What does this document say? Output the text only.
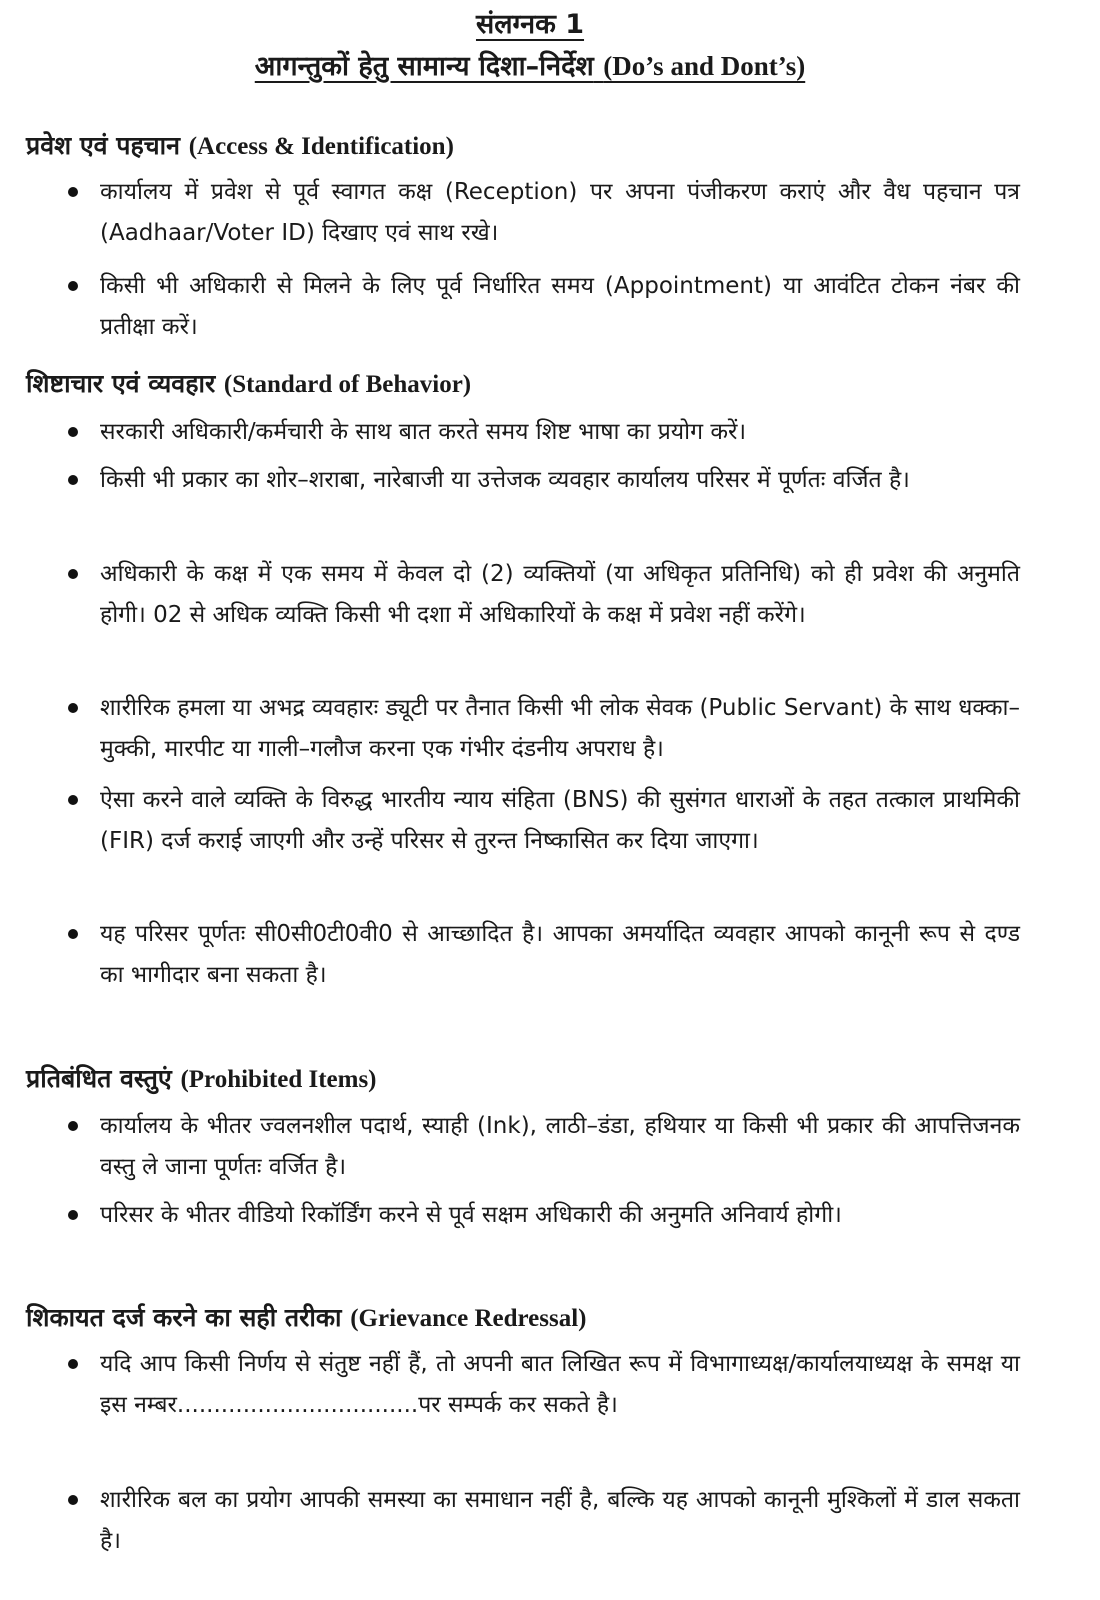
संलग्नक 1
आगन्तुकों हेतु सामान्य दिशा–निर्देश (Do’s and Dont’s)
प्रवेश एवं पहचान (Access & Identification)
कार्यालय में प्रवेश से पूर्व स्वागत कक्ष (Reception) पर अपना पंजीकरण कराएं और वैध पहचान पत्र (Aadhaar/Voter ID) दिखाए एवं साथ रखे।
किसी भी अधिकारी से मिलने के लिए पूर्व निर्धारित समय (Appointment) या आवंटित टोकन नंबर की प्रतीक्षा करें।
शिष्टाचार एवं व्यवहार (Standard of Behavior)
सरकारी अधिकारी/कर्मचारी के साथ बात करते समय शिष्ट भाषा का प्रयोग करें।
किसी भी प्रकार का शोर–शराबा, नारेबाजी या उत्तेजक व्यवहार कार्यालय परिसर में पूर्णतः वर्जित है।
अधिकारी के कक्ष में एक समय में केवल दो (2) व्यक्तियों (या अधिकृत प्रतिनिधि) को ही प्रवेश की अनुमति होगी। 02 से अधिक व्यक्ति किसी भी दशा में अधिकारियों के कक्ष में प्रवेश नहीं करेंगे।
शारीरिक हमला या अभद्र व्यवहारः ड्यूटी पर तैनात किसी भी लोक सेवक (Public Servant) के साथ धक्का–मुक्की, मारपीट या गाली–गलौज करना एक गंभीर दंडनीय अपराध है।
ऐसा करने वाले व्यक्ति के विरुद्ध भारतीय न्याय संहिता (BNS) की सुसंगत धाराओं के तहत तत्काल प्राथमिकी (FIR) दर्ज कराई जाएगी और उन्हें परिसर से तुरन्त निष्कासित कर दिया जाएगा।
यह परिसर पूर्णतः सी0सी0टी0वी0 से आच्छादित है। आपका अमर्यादित व्यवहार आपको कानूनी रूप से दण्ड का भागीदार बना सकता है।
प्रतिबंधित वस्तुएं (Prohibited Items)
कार्यालय के भीतर ज्वलनशील पदार्थ, स्याही (Ink), लाठी–डंडा, हथियार या किसी भी प्रकार की आपत्तिजनक वस्तु ले जाना पूर्णतः वर्जित है।
परिसर के भीतर वीडियो रिकॉर्डिंग करने से पूर्व सक्षम अधिकारी की अनुमति अनिवार्य होगी।
शिकायत दर्ज करने का सही तरीका (Grievance Redressal)
यदि आप किसी निर्णय से संतुष्ट नहीं हैं, तो अपनी बात लिखित रूप में विभागाध्यक्ष/कार्यालयाध्यक्ष के समक्ष या इस नम्बर.................................पर सम्पर्क कर सकते है।
शारीरिक बल का प्रयोग आपकी समस्या का समाधान नहीं है, बल्कि यह आपको कानूनी मुश्किलों में डाल सकता है।
